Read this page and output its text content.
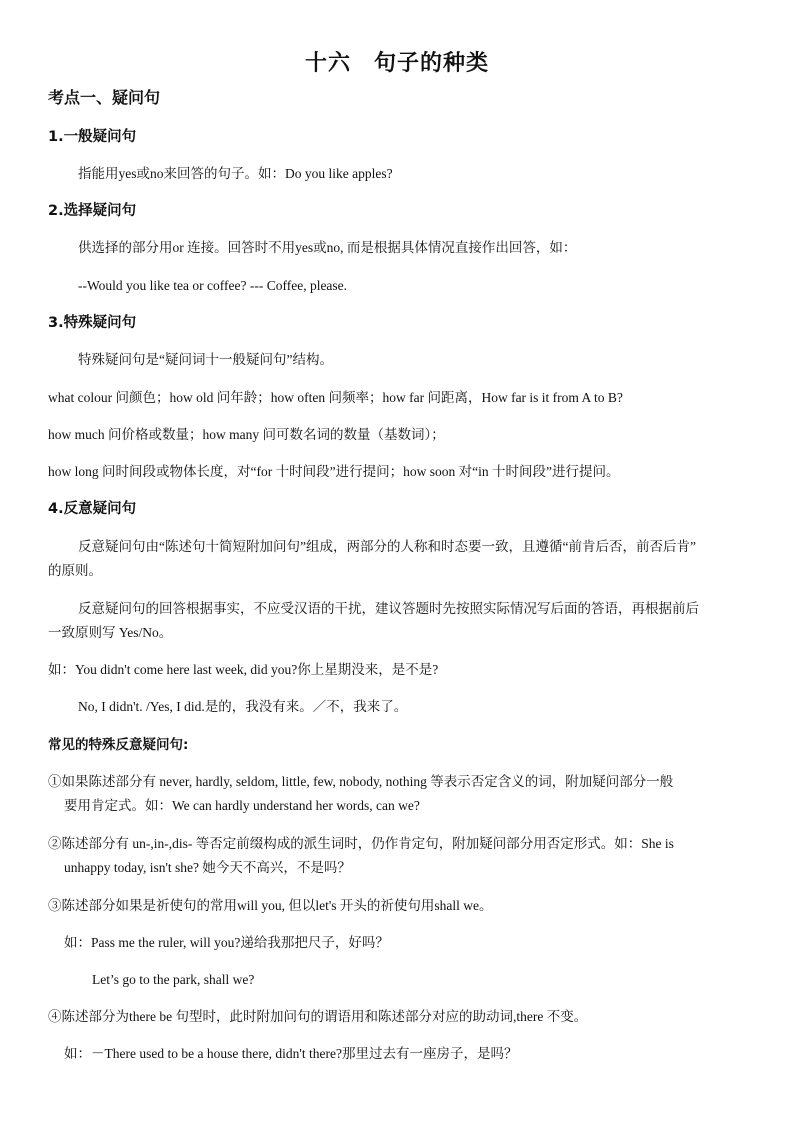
十六　句子的种类
考点一、疑问句
1.一般疑问句
指能用yes或no来回答的句子。如：Do you like apples?
2.选择疑问句
供选择的部分用or 连接。回答时不用yes或no, 而是根据具体情况直接作出回答，如：
--Would you like tea or coffee? --- Coffee, please.
3.特殊疑问句
特殊疑问句是“疑问词十一般疑问句”结构。
what colour 问颜色；how old 问年龄；how often 问频率；how far 问距离，How far is it from A to B?
how much 问价格或数量；how many 问可数名词的数量（基数词）；
how long 问时间段或物体长度，对“for 十时间段”进行提问；how soon 对“in 十时间段”进行提问。
4.反意疑问句
反意疑问句由“陈述句十简短附加问句”组成，两部分的人称和时态要一致，且遵循“前肯后否，前否后肯”
的原则。
反意疑问句的回答根据事实，不应受汉语的干扰，建议答题时先按照实际情况写后面的答语，再根据前后
一致原则写 Yes/No。
如：You didn't come here last week, did you?你上星期没来，是不是?
No, I didn't. /Yes, I did.是的，我没有来。／不，我来了。
常见的特殊反意疑问句:
①如果陈述部分有 never, hardly, seldom, little, few, nobody, nothing 等表示否定含义的词，附加疑问部分一般
要用肯定式。如：We can hardly understand her words, can we?
②陈述部分有 un-,in-,dis- 等否定前缀构成的派生词时，仍作肯定句，附加疑问部分用否定形式。如：She is
unhappy today, isn't she? 她今天不高兴，不是吗？
③陈述部分如果是祈使句的常用will you, 但以let's 开头的祈使句用shall we。
如：Pass me the ruler, will you?递给我那把尺子，好吗？
Let’s go to the park, shall we?
④陈述部分为there be 句型时，此时附加问句的谓语用和陈述部分对应的助动词,there 不变。
如：－There used to be a house there, didn't there?那里过去有一座房子，是吗？
